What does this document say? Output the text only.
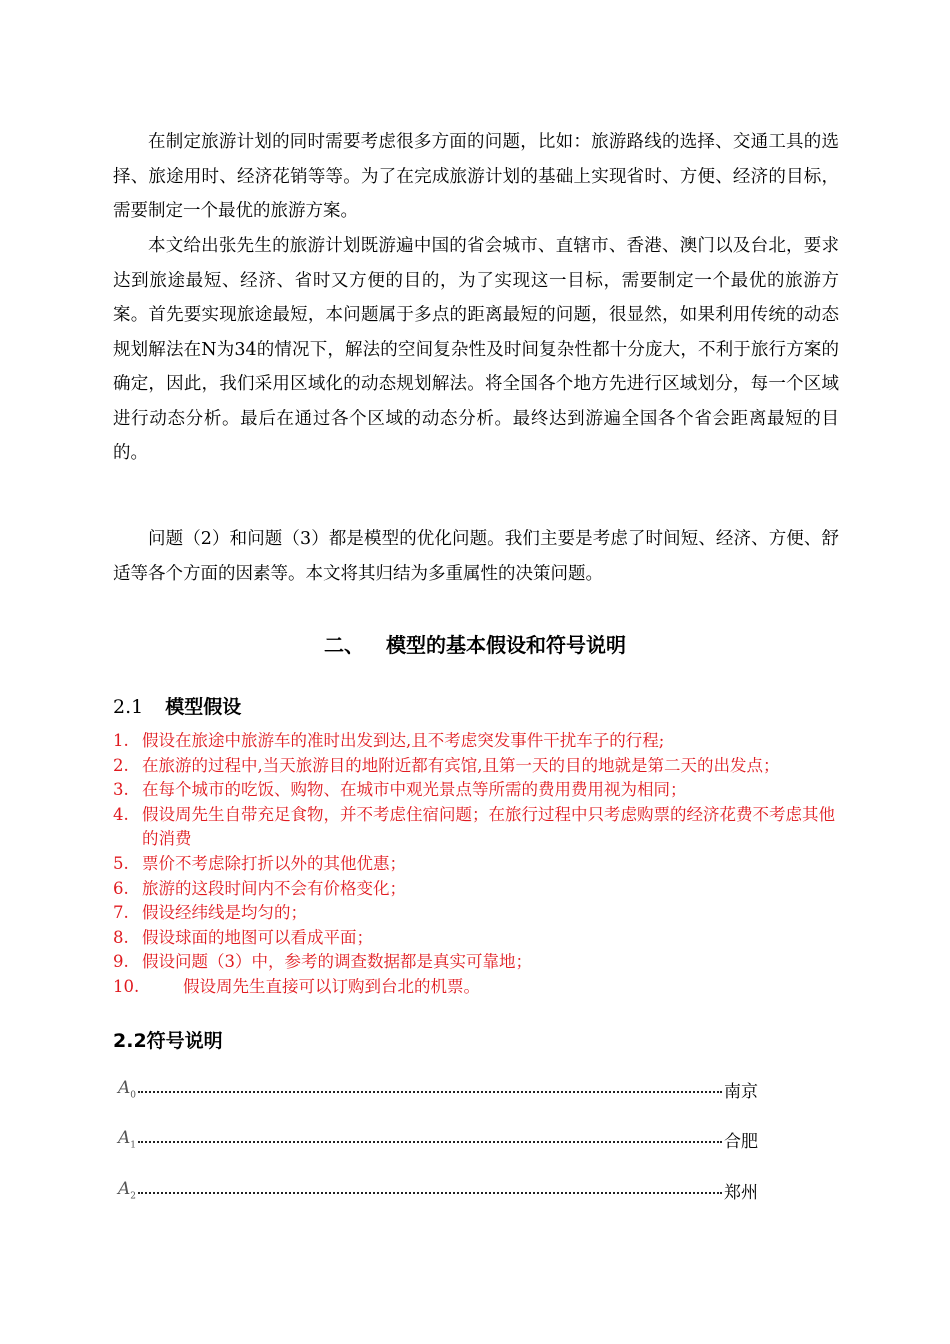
在制定旅游计划的同时需要考虑很多方面的问题，比如：旅游路线的选择、交通工具的选择、旅途用时、经济花销等等。为了在完成旅游计划的基础上实现省时、方便、经济的目标，需要制定一个最优的旅游方案。

本文给出张先生的旅游计划既游遍中国的省会城市、直辖市、香港、澳门以及台北，要求达到旅途最短、经济、省时又方便的目的，为了实现这一目标，需要制定一个最优的旅游方案。首先要实现旅途最短，本问题属于多点的距离最短的问题，很显然，如果利用传统的动态规划解法在N为34的情况下，解法的空间复杂性及时间复杂性都十分庞大，不利于旅行方案的确定，因此，我们采用区域化的动态规划解法。将全国各个地方先进行区域划分，每一个区域进行动态分析。最后在通过各个区域的动态分析。最终达到游遍全国各个省会距离最短的目的。

问题（2）和问题（3）都是模型的优化问题。我们主要是考虑了时间短、经济、方便、舒适等各个方面的因素等。本文将其归结为多重属性的决策问题。

二、 模型的基本假设和符号说明
2.1 模型假设
1. 假设在旅途中旅游车的准时出发到达,且不考虑突发事件干扰车子的行程;
2. 在旅游的过程中,当天旅游目的地附近都有宾馆,且第一天的目的地就是第二天的出发点；
3. 在每个城市的吃饭、购物、在城市中观光景点等所需的费用费用视为相同；
4. 假设周先生自带充足食物，并不考虑住宿问题；在旅行过程中只考虑购票的经济花费不考虑其他的消费
5. 票价不考虑除打折以外的其他优惠；
6. 旅游的这段时间内不会有价格变化；
7. 假设经纬线是均匀的；
8. 假设球面的地图可以看成平面；
9. 假设问题（3）中，参考的调查数据都是真实可靠地；
10.	假设周先生直接可以订购到台北的机票。
2.2符号说明
$A_0$	南京
$A_1$	合肥
$A_2$	郑州
